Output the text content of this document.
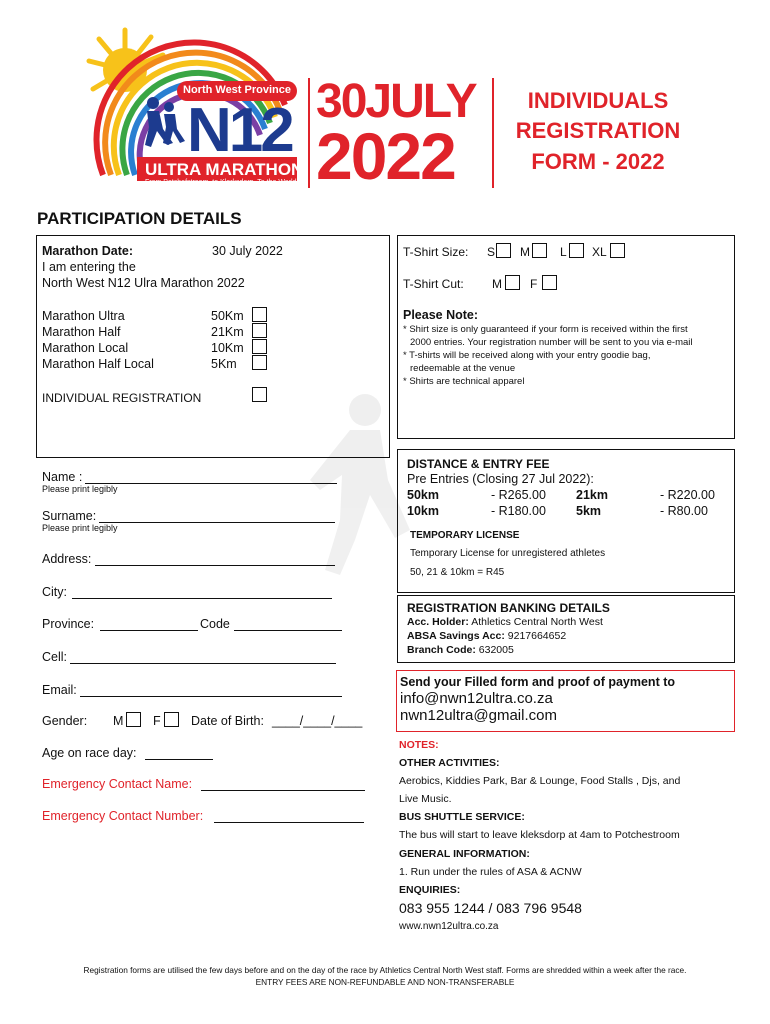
North West Province
N12
ULTRA MARATHON
From Potchefstroom, to Klerksdorp, To the World
30JULY
2022
INDIVIDUALS
REGISTRATION
FORM - 2022
PARTICIPATION DETAILS
Marathon Date:	30 July 2022
I am entering the
North West N12 Ulra Marathon 2022
Marathon Ultra	50Km
Marathon Half	21Km
Marathon Local	10Km
Marathon Half Local	5Km
INDIVIDUAL REGISTRATION
T-Shirt Size: S M	L XL
T-Shirt Cut: M F
Please Note:
* Shirt size is only guaranteed if your form is received within the first
2000 entries. Your registration number will be sent to you via e-mail
* T-shirts will be received along with your entry goodie bag,
redeemable at the venue
* Shirts are technical apparel
Name :
Please print legibly
Surname:
Please print legibly
Address:
City:
Province:	Code
Cell:
Email:
Gender: M F Date of Birth: ____/____/____
Age on race day:
Emergency Contact Name:
Emergency Contact Number:
DISTANCE & ENTRY FEE
Pre Entries (Closing 27 Jul 2022):
50km	- R265.00 21km	- R220.00
10km	- R180.00 5km	- R80.00
TEMPORARY LICENSE
Temporary License for unregistered athletes
50, 21 & 10km = R45
REGISTRATION BANKING DETAILS
Acc. Holder: Athletics Central North West
ABSA Savings Acc: 9217664652
Branch Code: 632005
Send your Filled form and proof of payment to
info@nwn12ultra.co.za
nwn12ultra@gmail.com
NOTES:
OTHER ACTIVITIES:
Aerobics, Kiddies Park, Bar & Lounge, Food Stalls , Djs, and
Live Music.
BUS SHUTTLE SERVICE:
The bus will start to leave kleksdorp at 4am to Potchestroom
GENERAL INFORMATION:
1. Run under the rules of ASA & ACNW
ENQUIRIES:
083 955 1244 / 083 796 9548
www.nwn12ultra.co.za
Registration forms are utilised the few days before and on the day of the race by Athletics Central North West staff. Forms are shredded within a week after the race.
ENTRY FEES ARE NON-REFUNDABLE AND NON-TRANSFERABLE
